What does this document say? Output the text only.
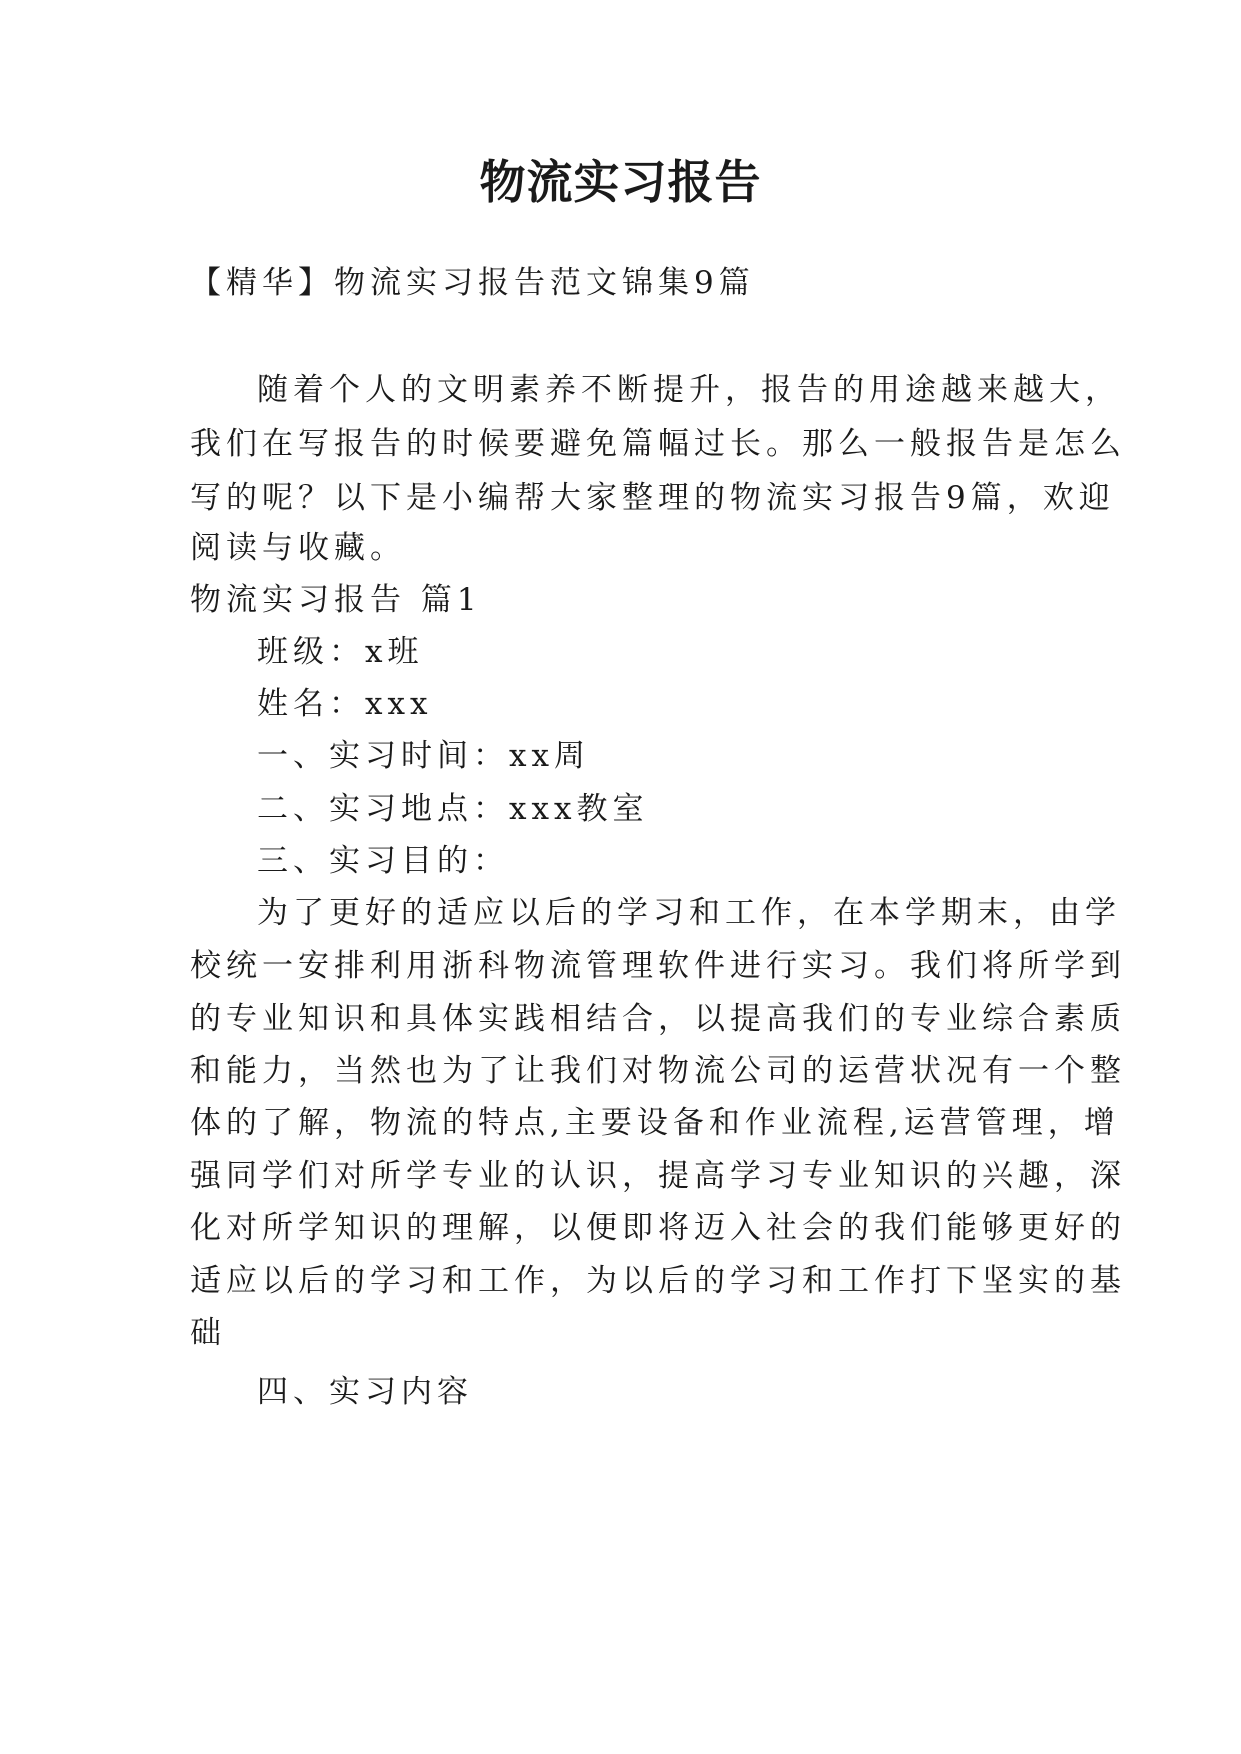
物流实习报告
【精华】物流实习报告范文锦集9篇
随着个人的文明素养不断提升，报告的用途越来越大，
我们在写报告的时候要避免篇幅过长。那么一般报告是怎么
写的呢？以下是小编帮大家整理的物流实习报告9篇，欢迎
阅读与收藏。
物流实习报告 篇1
班级：x班
姓名：xxx
一、实习时间：xx周
二、实习地点：xxx教室
三、实习目的：
为了更好的适应以后的学习和工作，在本学期末，由学
校统一安排利用浙科物流管理软件进行实习。我们将所学到
的专业知识和具体实践相结合，以提高我们的专业综合素质
和能力，当然也为了让我们对物流公司的运营状况有一个整
体的了解，物流的特点,主要设备和作业流程,运营管理，增
强同学们对所学专业的认识，提高学习专业知识的兴趣，深
化对所学知识的理解，以便即将迈入社会的我们能够更好的
适应以后的学习和工作，为以后的学习和工作打下坚实的基
础
四、实习内容
